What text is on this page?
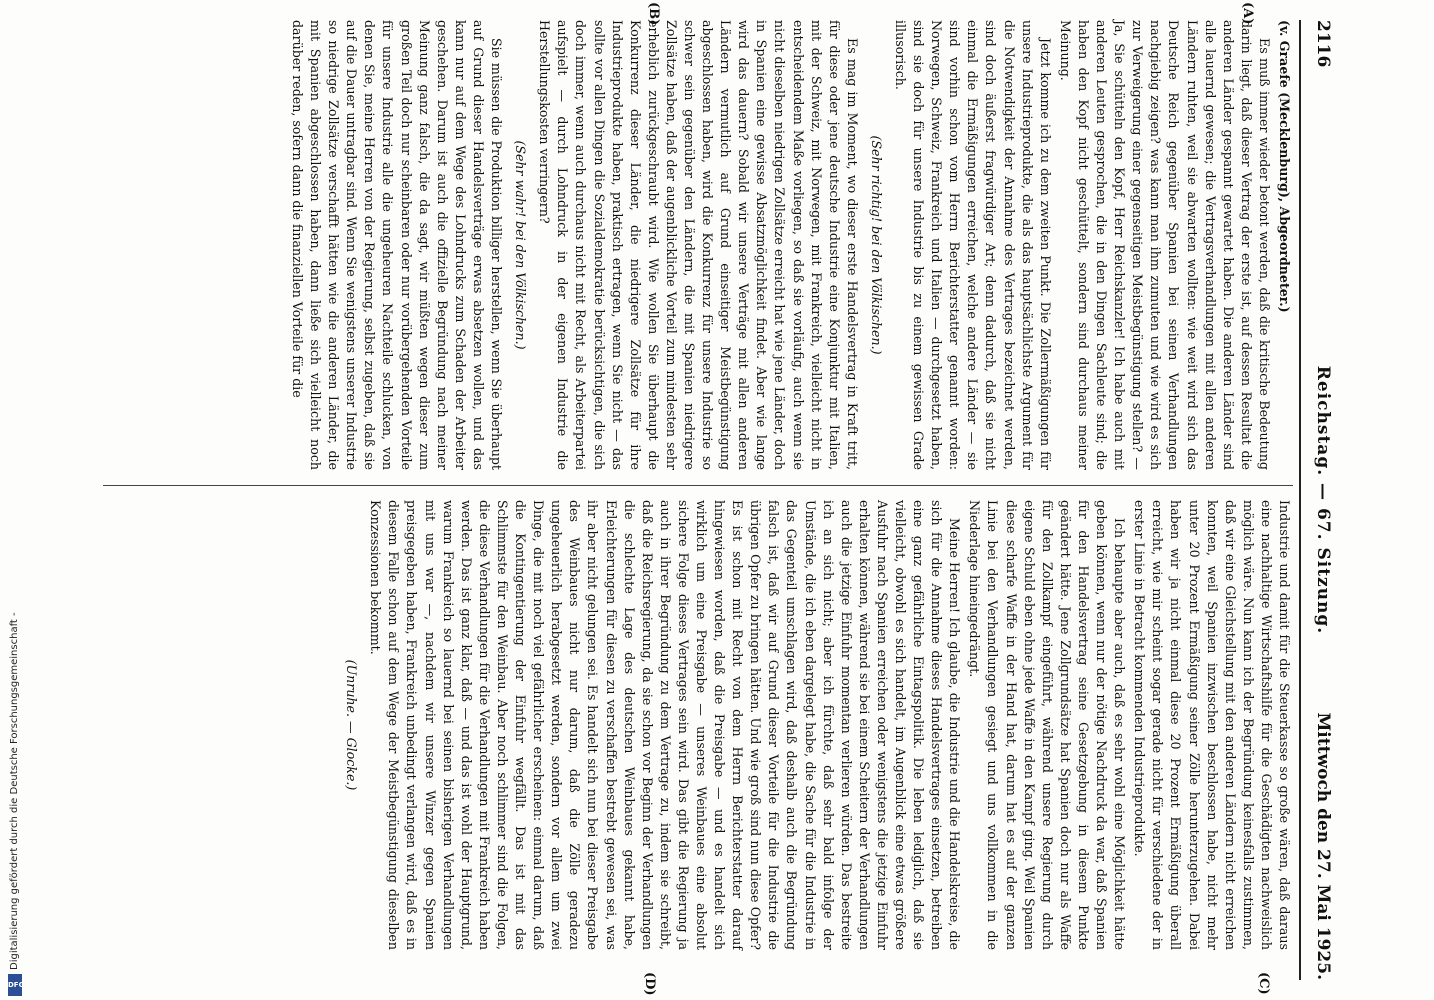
2116
Reichstag. — 67. Sitzung.
Mittwoch den 27. Mai 1925.
(A)
(B)
(C)
(D)

(v. Graefe (Mecklenburg), Abgeordneter.)

Es muß immer wieder betont werden, daß die kritische Bedeutung darin liegt, daß dieser Vertrag der erste ist, auf dessen Resultat die anderen Länder gespannt gewartet haben. Die anderen Länder sind alle lauernd gewesen; die Vertragsverhandlungen mit allen anderen Ländern ruhten, weil sie abwarten wollten: wie weit wird sich das Deutsche Reich gegenüber Spanien bei seinen Verhandlungen nachgiebig zeigen? was kann man ihm zumuten und wie wird es sich zur Verweigerung einer gegenseitigen Meistbegünstigung stellen? — Ja, Sie schütteln den Kopf, Herr Reichskanzler! Ich habe auch mit anderen Leuten gesprochen, die in den Dingen Sachleute sind; die haben den Kopf nicht geschüttelt, sondern sind durchaus meiner Meinung.

Jetzt komme ich zu dem zweiten Punkt. Die Zollermäßigungen für unsere Industrieprodukte, die als das hauptsächlichste Argument für die Notwendigkeit der Annahme des Vertrages bezeichnet werden, sind doch äußerst fragwürdiger Art; denn dadurch, daß sie nicht einmal die Ermäßigungen erreichen, welche andere Länder — sie sind vorhin schon vom Herrn Berichterstatter genannt worden: Norwegen, Schweiz, Frankreich und Italien — durchgesetzt haben, sind sie doch für unsere Industrie bis zu einem gewissen Grade illusorisch.

(Sehr richtig! bei den Völkischen.)

Es mag im Moment, wo dieser erste Handelsvertrag in Kraft tritt, für diese oder jene deutsche Industrie eine Konjunktur mit Italien, mit der Schweiz, mit Norwegen, mit Frankreich, vielleicht nicht in entscheidendem Maße vorliegen, so daß sie vorläufig, auch wenn sie nicht dieselben niedrigen Zollsätze erreicht hat wie jene Länder, doch in Spanien eine gewisse Absatzmöglichkeit findet. Aber wie lange wird das dauern? Sobald wir unsere Verträge mit allen anderen Ländern vermutlich auf Grund einseitiger Meistbegünstigung abgeschlossen haben, wird die Konkurrenz für unsere Industrie so schwer sein gegenüber den Ländern, die mit Spanien niedrigere Zollsätze haben, daß der augenblickliche Vorteil zum mindesten sehr erheblich zurückgeschraubt wird. Wie wollen Sie überhaupt die Konkurrenz dieser Länder, die niedrigere Zollsätze für ihre Industrieprodukte haben, praktisch ertragen, wenn Sie nicht — das sollte vor allen Dingen die Sozialdemokratie berücksichtigen, die sich doch immer, wenn auch durchaus nicht mit Recht, als Arbeiterpartei aufspielt — durch Lohndruck in der eigenen Industrie die Herstellungskosten verringern?

(Sehr wahr! bei den Völkischen.)

Sie müssen die Produktion billiger herstellen, wenn Sie überhaupt auf Grund dieser Handelsverträge erwas absetzen wollen, und das kann nur auf dem Wege des Lohndrucks zum Schaden der Arbeiter geschehen. Darum ist auch die offizielle Begründung nach meiner Meinung ganz falsch, die da sagt, wir müßten wegen dieser zum großen Teil doch nur scheinbaren oder nur vorübergehenden Vorteile für unsere Industrie alle die ungeheuren Nachteile schlucken, von denen Sie, meine Herren von der Regierung, selbst zugeben, daß sie auf die Dauer untragbar sind. Wenn Sie wenigstens unserer Industrie so niedrige Zollsätze verschafft hätten wie die anderen Länder, die mit Spanien abgeschlossen haben, dann ließe sich vielleicht noch darüber reden, sofern dann die finanziellen Vorteile für die

Industrie und damit für die Steuerkasse so große wären, daß daraus eine nachhaltige Wirtschaftshilfe für die Geschädigten nachweislich möglich wäre. Nun kann ich der Begründung keinesfalls zustimmen, daß wir eine Gleichstellung mit den anderen Ländern nicht erreichen konnten, weil Spanien inzwischen beschlossen habe, nicht mehr unter 20 Prozent Ermäßigung seiner Zölle herunterzugehen. Dabei haben wir ja nicht einmal diese 20 Prozent Ermäßigung überall erreicht, wie mir scheint sogar gerade nicht für verschiedene der in erster Linie in Betracht kommenden Industrieprodukte.

Ich behaupte aber auch, daß es sehr wohl eine Möglichkeit hätte geben können, wenn nur der nötige Nachdruck da war, daß Spanien für den Handelsvertrag seine Gesetzgebung in diesem Punkte geändert hätte. Jene Zollgrundsätze hat Spanien doch nur als Waffe für den Zollkampf eingeführt, während unsere Regierung durch eigene Schuld eben ohne jede Waffe in den Kampf ging. Weil Spanien diese scharfe Waffe in der Hand hat, darum hat es auf der ganzen Linie bei den Verhandlungen gesiegt und uns vollkommen in die Niederlage hineingedrängt.

Meine Herren! Ich glaube, die Industrie und die Handelskreise, die sich für die Annahme dieses Handelsvertrages einsetzen, betreiben eine ganz gefährliche Eintagspolitik. Die leben lediglich, daß sie vielleicht, obwohl es sich handelt, im Augenblick eine etwas größere Ausfuhr nach Spanien erreichen oder wenigstens die jetzige Einfuhr erhalten können, während sie bei einem Scheitern der Verhandlungen auch die jetzige Einfuhr momentan verlieren würden. Das bestreite ich an sich nicht; aber ich fürchte, daß sehr bald infolge der Umstände, die ich eben dargelegt habe, die Sache für die Industrie in das Gegenteil umschlagen wird, daß deshalb auch die Begründung falsch ist, daß wir auf Grund dieser Vorteile für die Industrie die übrigen Opfer zu bringen hätten. Und wie groß sind nun diese Opfer? Es ist schon mit Recht von dem Herrn Berichterstatter darauf hingewiesen worden, daß die Preisgabe — und es handelt sich wirklich um eine Preisgabe — unseres Weinbaues eine absolut sichere Folge dieses Vertrages sein wird. Das gibt die Regierung ja auch in ihrer Begründung zu dem Vertrage zu, indem sie schreibt, daß die Reichsregierung, da sie schon vor Beginn der Verhandlungen die schlechte Lage des deutschen Weinbaues gekannt habe, Erleichterungen für diesen zu verschaffen bestrebt gewesen sei, was ihr aber nicht gelungen sei. Es handelt sich nun bei dieser Preisgabe des Weinbaues nicht nur darum, daß die Zölle geradezu ungeheuerlich herabgesetzt werden, sondern vor allem um zwei Dinge, die mit noch viel gefährlicher erscheinen: einmal darum, daß die Kontingentierung der Einfuhr wegfällt. Das ist mit das Schlimmste für den Weinbau. Aber noch schlimmer sind die Folgen, die diese Verhandlungen für die Verhandlungen mit Frankreich haben werden. Das ist ganz klar, daß — und das ist wohl der Hauptgrund, warum Frankreich so lauernd bei seinen bisherigen Verhandlungen mit uns war —, nachdem wir unsere Winzer gegen Spanien preisgegeben haben, Frankreich unbedingt verlangen wird, daß es in diesem Falle schon auf dem Wege der Meistbegünstigung dieselben Konzessionen bekommt.

(Unruhe. — Glocke.)

Digitalisierung gefördert durch die Deutsche Forschungsgemeinschaft -
DFG
